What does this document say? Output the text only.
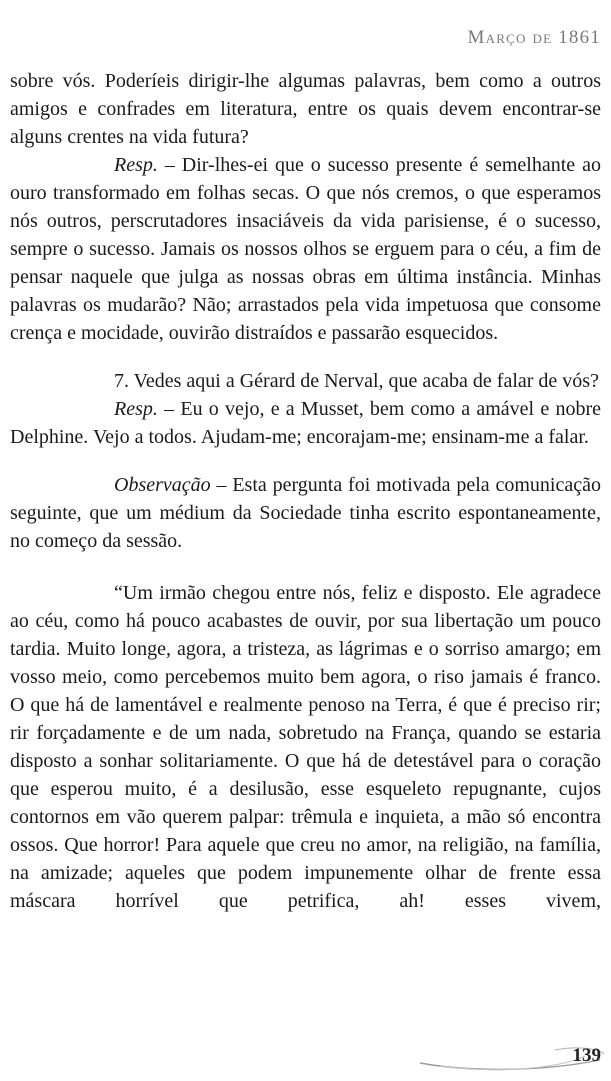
Março de 1861

sobre vós. Poderíeis dirigir-lhe algumas palavras, bem como a outros amigos e confrades em literatura, entre os quais devem encontrar-se alguns crentes na vida futura?

Resp. – Dir-lhes-ei que o sucesso presente é semelhante ao ouro transformado em folhas secas. O que nós cremos, o que esperamos nós outros, perscrutadores insaciáveis da vida parisiense, é o sucesso, sempre o sucesso. Jamais os nossos olhos se erguem para o céu, a fim de pensar naquele que julga as nossas obras em última instância. Minhas palavras os mudarão? Não; arrastados pela vida impetuosa que consome crença e mocidade, ouvirão distraídos e passarão esquecidos.

7. Vedes aqui a Gérard de Nerval, que acaba de falar de vós?

Resp. – Eu o vejo, e a Musset, bem como a amável e nobre Delphine. Vejo a todos. Ajudam-me; encorajam-me; ensinam-me a falar.

Observação – Esta pergunta foi motivada pela comunicação seguinte, que um médium da Sociedade tinha escrito espontaneamente, no começo da sessão.

“Um irmão chegou entre nós, feliz e disposto. Ele agradece ao céu, como há pouco acabastes de ouvir, por sua libertação um pouco tardia. Muito longe, agora, a tristeza, as lágrimas e o sorriso amargo; em vosso meio, como percebemos muito bem agora, o riso jamais é franco. O que há de lamentável e realmente penoso na Terra, é que é preciso rir; rir forçadamente e de um nada, sobretudo na França, quando se estaria disposto a sonhar solitariamente. O que há de detestável para o coração que esperou muito, é a desilusão, esse esqueleto repugnante, cujos contornos em vão querem palpar: trêmula e inquieta, a mão só encontra ossos. Que horror! Para aquele que creu no amor, na religião, na família, na amizade; aqueles que podem impunemente olhar de frente essa máscara horrível que petrifica, ah! esses vivem,

139
